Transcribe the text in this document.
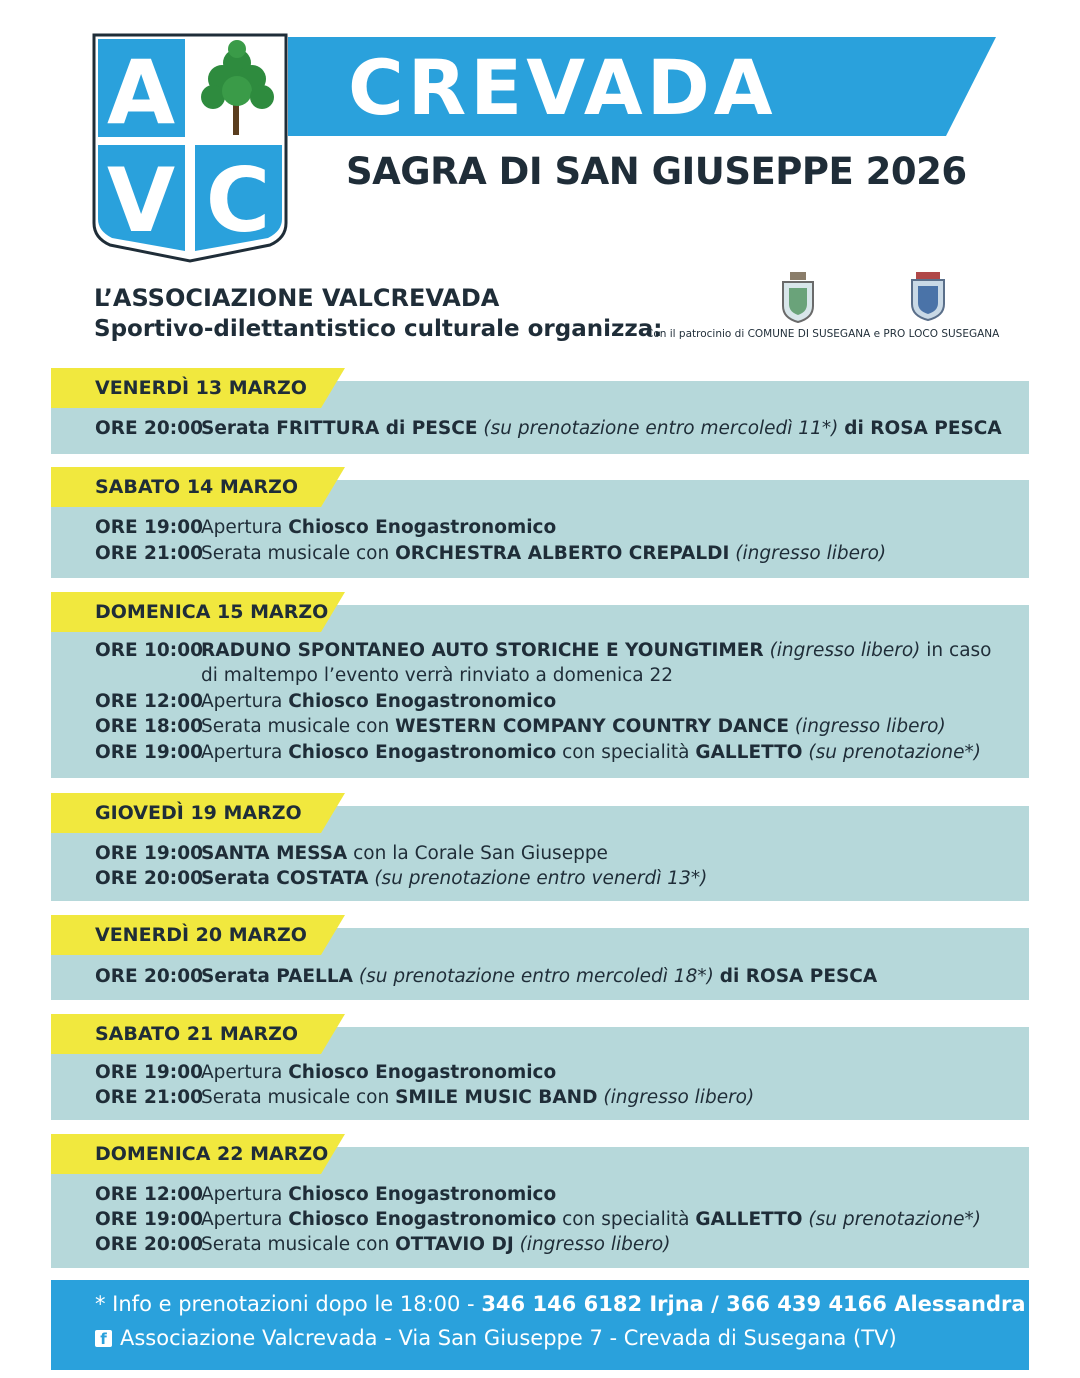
A
V C
CREVADA
SAGRA DI SAN GIUSEPPE 2026
L’ASSOCIAZIONE VALCREVADA
Sportivo-dilettantistico culturale organizza:
Con il patrocinio di COMUNE DI SUSEGANA e PRO LOCO SUSEGANA
VENERDÌ 13 MARZO
ORE 20:00Serata FRITTURA di PESCE (su prenotazione entro mercoledì 11*) di ROSA PESCA
SABATO 14 MARZO
ORE 19:00Apertura Chiosco Enogastronomico
ORE 21:00Serata musicale con ORCHESTRA ALBERTO CREPALDI (ingresso libero)
DOMENICA 15 MARZO
ORE 10:00RADUNO SPONTANEO AUTO STORICHE E YOUNGTIMER (ingresso libero) in caso
di maltempo l’evento verrà rinviato a domenica 22
ORE 12:00Apertura Chiosco Enogastronomico
ORE 18:00Serata musicale con WESTERN COMPANY COUNTRY DANCE (ingresso libero)
ORE 19:00Apertura Chiosco Enogastronomico con specialità GALLETTO (su prenotazione*)
GIOVEDÌ 19 MARZO
ORE 19:00SANTA MESSA con la Corale San Giuseppe
ORE 20:00Serata COSTATA (su prenotazione entro venerdì 13*)
VENERDÌ 20 MARZO
ORE 20:00Serata PAELLA (su prenotazione entro mercoledì 18*) di ROSA PESCA
SABATO 21 MARZO
ORE 19:00Apertura Chiosco Enogastronomico
ORE 21:00Serata musicale con SMILE MUSIC BAND (ingresso libero)
DOMENICA 22 MARZO
ORE 12:00Apertura Chiosco Enogastronomico
ORE 19:00Apertura Chiosco Enogastronomico con specialità GALLETTO (su prenotazione*)
ORE 20:00Serata musicale con OTTAVIO DJ (ingresso libero)
* Info e prenotazioni dopo le 18:00 - 346 146 6182 Irjna / 366 439 4166 Alessandra
f Associazione Valcrevada - Via San Giuseppe 7 - Crevada di Susegana (TV)
